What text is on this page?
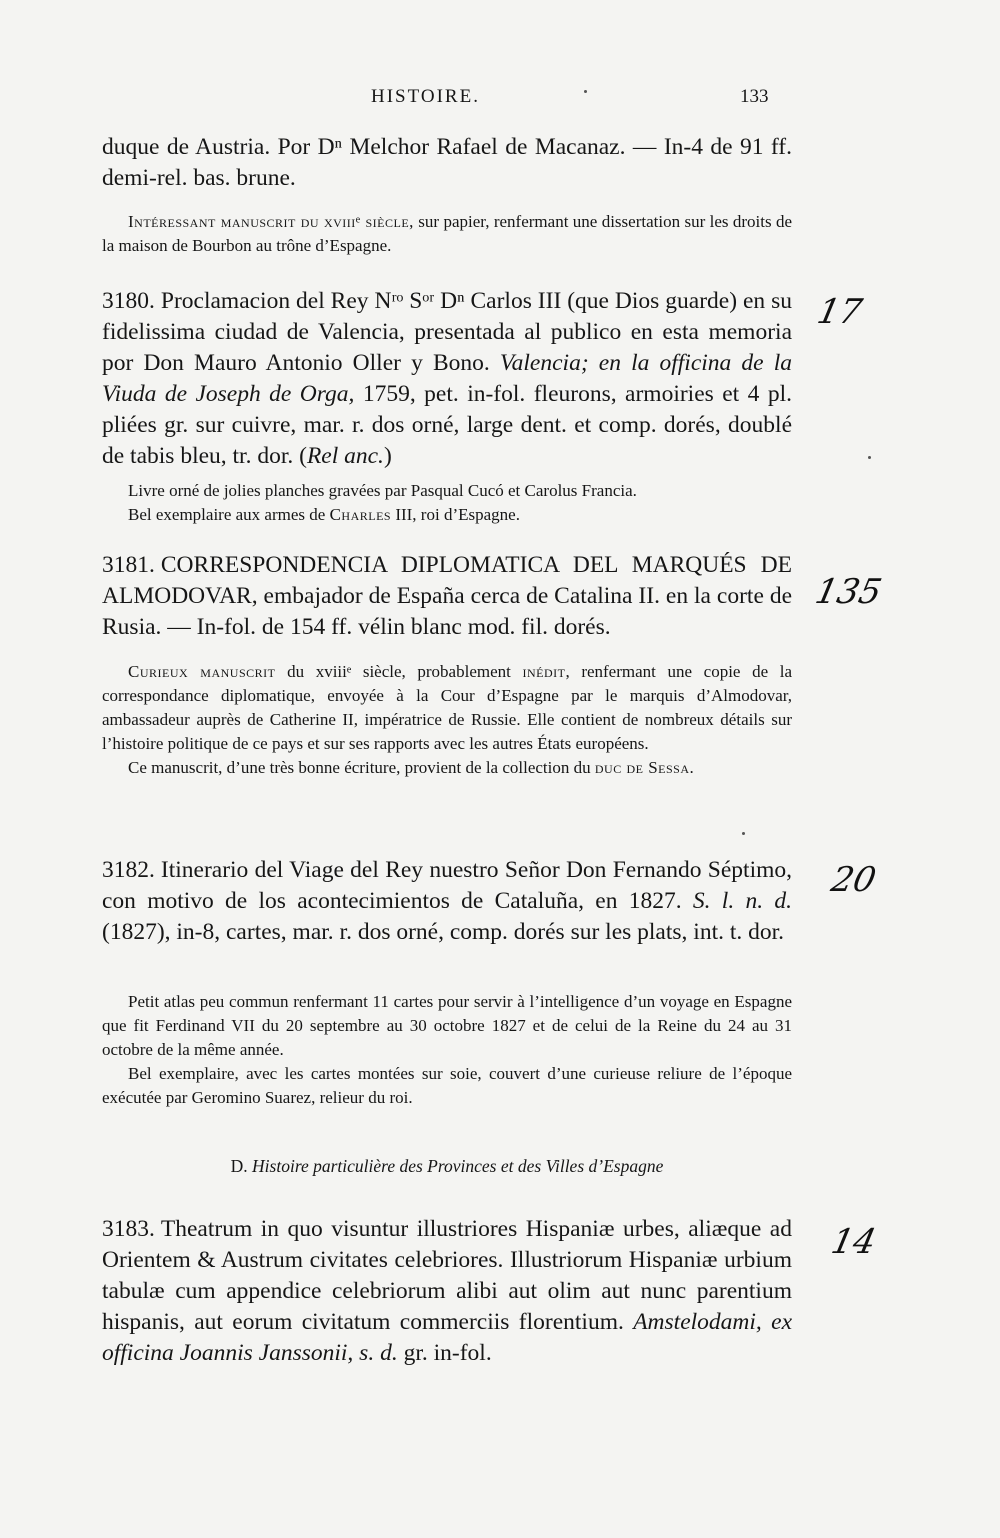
HISTOIRE.	133

duque de Austria. Por Dⁿ Melchor Rafael de Macanaz. — In-4 de 91 ff. demi-rel. bas. brune.

Intéressant manuscrit du xviiiᵉ siècle, sur papier, renfermant une dissertation sur les droits de la maison de Bourbon au trône d’Espagne.

3180. Proclamacion del Rey Nʳᵒ Sᵒʳ Dⁿ Carlos III (que Dios guarde) en su fidelissima ciudad de Valencia, presentada al publico en esta memoria por Don Mauro Antonio Oller y Bono. Valencia; en la officina de la Viuda de Joseph de Orga, 1759, pet. in-fol. fleurons, armoiries et 4 pl. pliées gr. sur cuivre, mar. r. dos orné, large dent. et comp. dorés, doublé de tabis bleu, tr. dor. (Rel anc.)

Livre orné de jolies planches gravées par Pasqual Cucó et Carolus Francia.

Bel exemplaire aux armes de Charles III, roi d’Espagne.

17

3181. CORRESPONDENCIA DIPLOMATICA DEL MARQUÉS DE ALMODOVAR, embajador de España cerca de Catalina II. en la corte de Rusia. — In-fol. de 154 ff. vélin blanc mod. fil. dorés.

Curieux manuscrit du xviiiᵉ siècle, probablement inédit, renfermant une copie de la correspondance diplomatique, envoyée à la Cour d’Espagne par le marquis d’Almodovar, ambassadeur auprès de Catherine II, impératrice de Russie. Elle contient de nombreux détails sur l’histoire politique de ce pays et sur ses rapports avec les autres États européens.

Ce manuscrit, d’une très bonne écriture, provient de la collection du duc de Sessa.

135

3182. Itinerario del Viage del Rey nuestro Señor Don Fernando Séptimo, con motivo de los acontecimientos de Cataluña, en 1827. S. l. n. d. (1827), in-8, cartes, mar. r. dos orné, comp. dorés sur les plats, int. t. dor.

Petit atlas peu commun renfermant 11 cartes pour servir à l’intelligence d’un voyage en Espagne que fit Ferdinand VII du 20 septembre au 30 octobre 1827 et de celui de la Reine du 24 au 31 octobre de la même année.

Bel exemplaire, avec les cartes montées sur soie, couvert d’une curieuse reliure de l’époque exécutée par Geromino Suarez, relieur du roi.

20
D. Histoire particulière des Provinces et des Villes d’Espagne

3183. Theatrum in quo visuntur illustriores Hispaniæ urbes, aliæque ad Orientem & Austrum civitates celebriores. Illustriorum Hispaniæ urbium tabulæ cum appendice celebriorum alibi aut olim aut nunc parentium hispanis, aut eorum civitatum commerciis florentium. Amstelodami, ex officina Joannis Janssonii, s. d. gr. in-fol.

14
